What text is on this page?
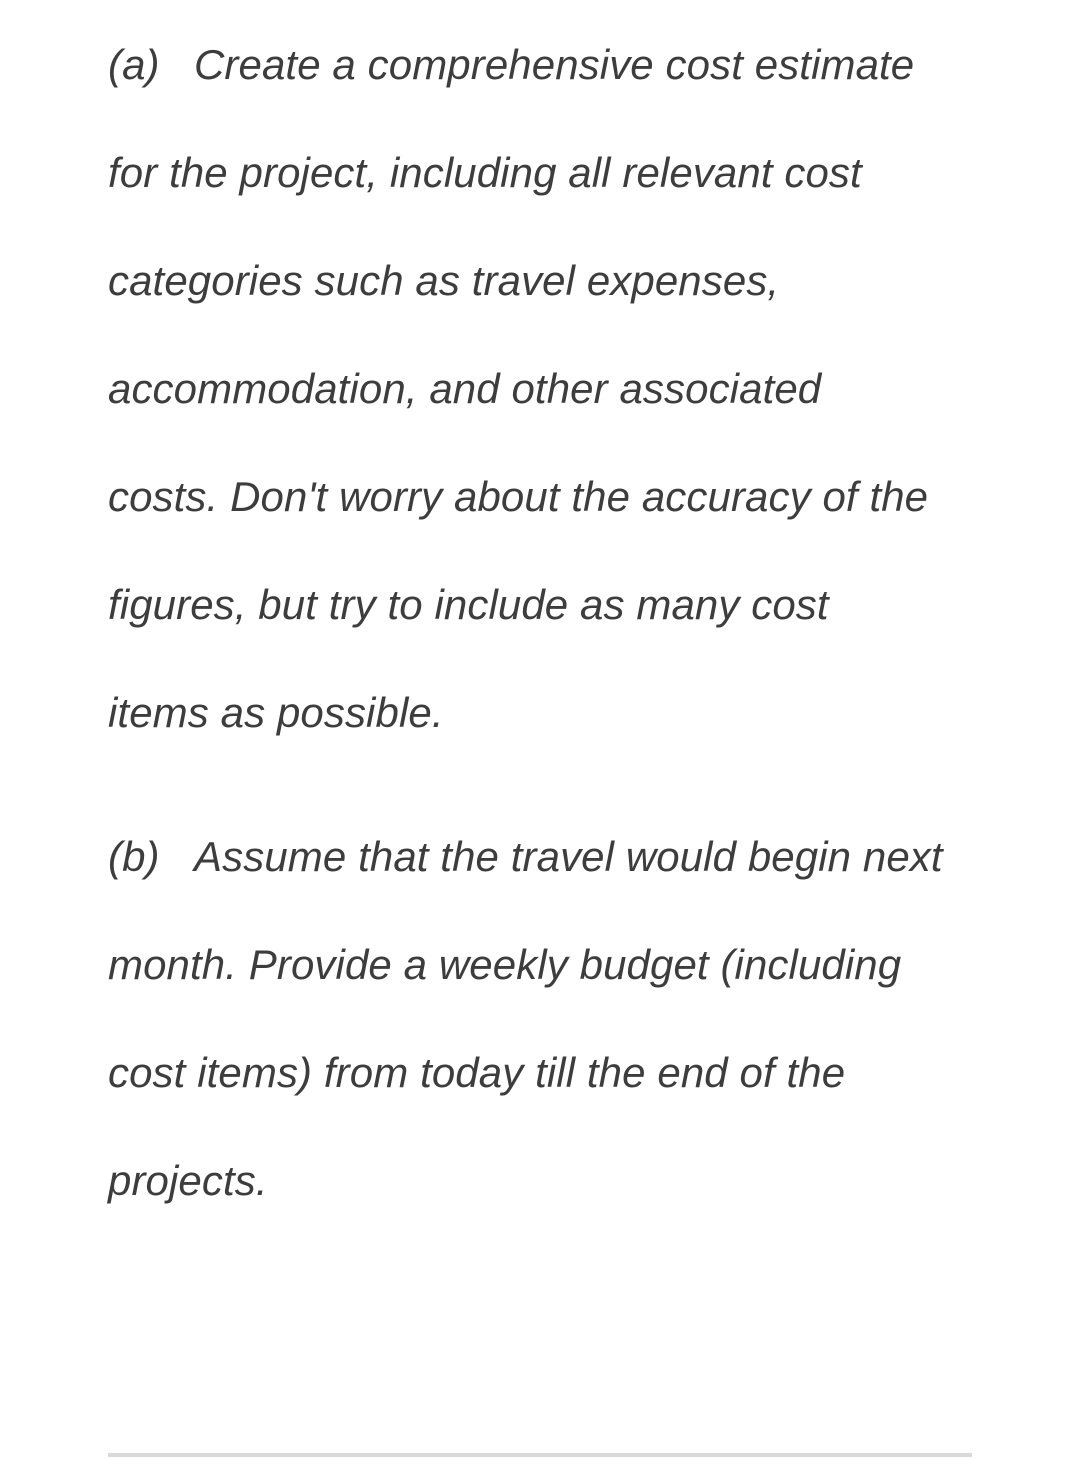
(a) Create a comprehensive cost estimate
for the project, including all relevant cost
categories such as travel expenses,
accommodation, and other associated
costs. Don't worry about the accuracy of the
figures, but try to include as many cost
items as possible.
(b) Assume that the travel would begin next
month. Provide a weekly budget (including
cost items) from today till the end of the
projects.
